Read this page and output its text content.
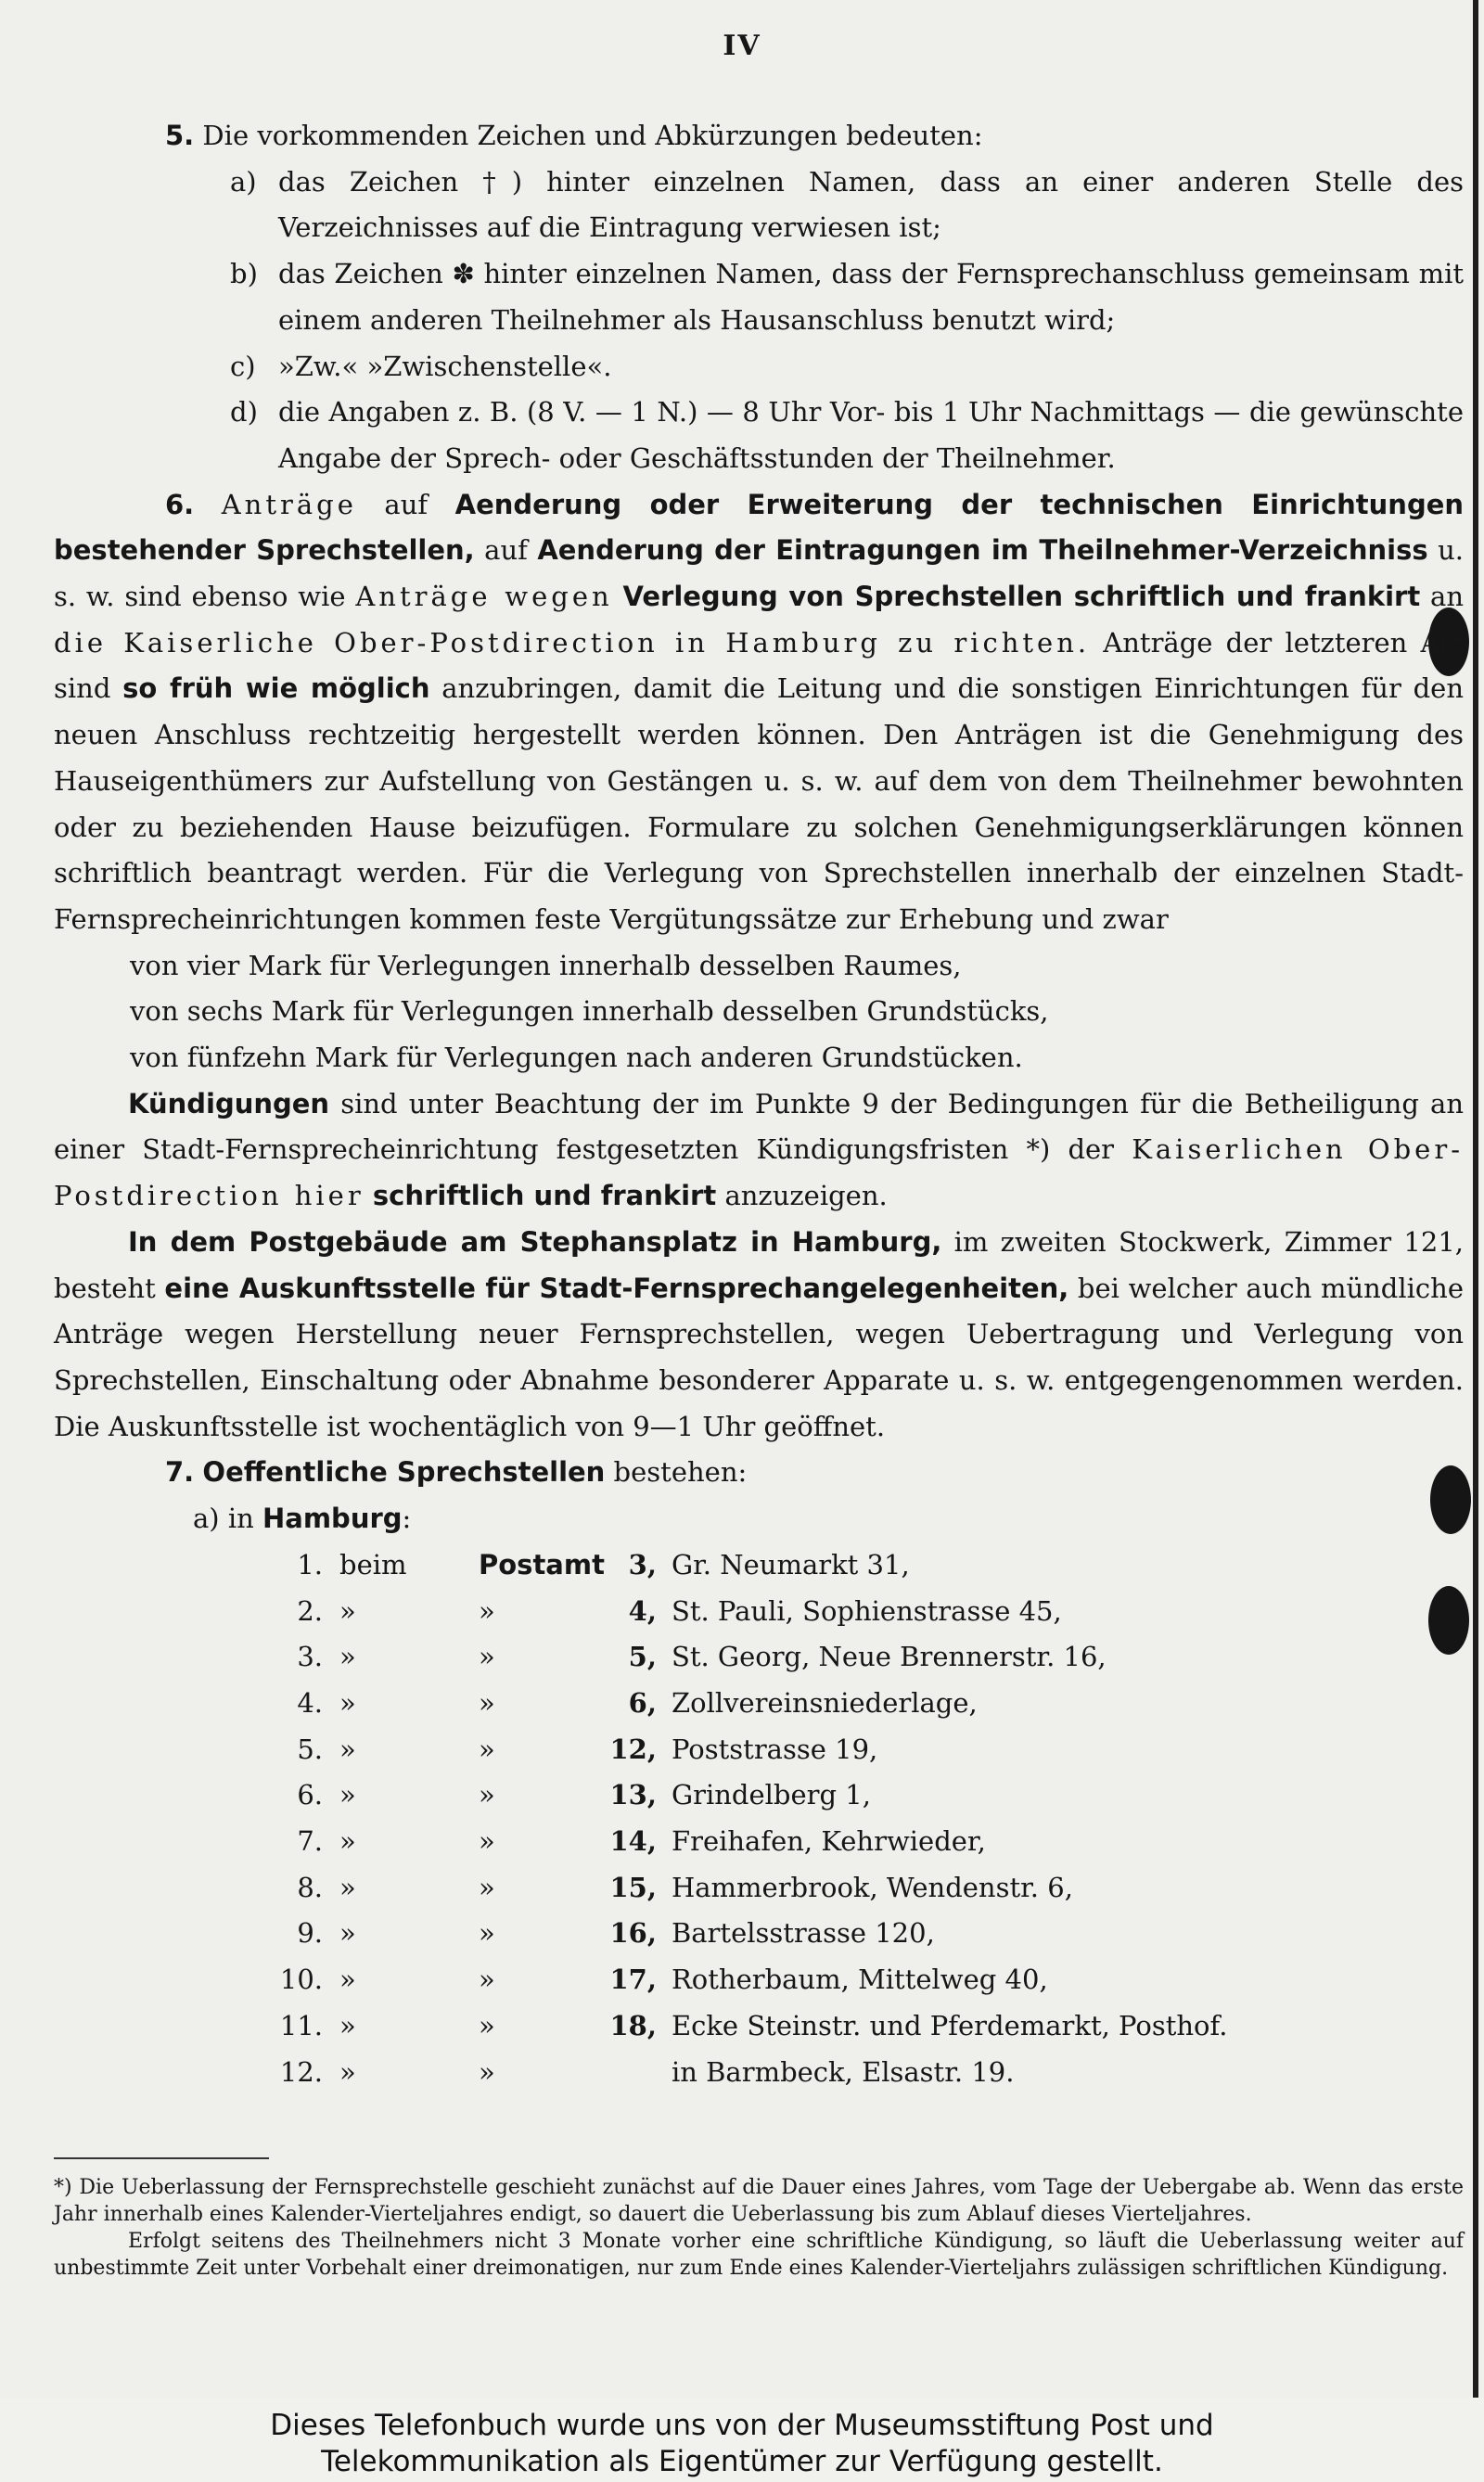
IV
5. Die vorkommenden Zeichen und Abkürzungen bedeuten:
a) das Zeichen †) hinter einzelnen Namen, dass an einer anderen Stelle des Verzeichnisses auf die Eintragung verwiesen ist;
b) das Zeichen ✽ hinter einzelnen Namen, dass der Fernsprechanschluss gemeinsam mit einem anderen Theilnehmer als Hausanschluss benutzt wird;
c) »Zw.« »Zwischenstelle«.
d) die Angaben z. B. (8 V. — 1 N.) — 8 Uhr Vor- bis 1 Uhr Nachmittags — die gewünschte Angabe der Sprech- oder Geschäftsstunden der Theilnehmer.

6. Anträge auf Aenderung oder Erweiterung der technischen Einrichtungen bestehender Sprechstellen, auf Aenderung der Eintragungen im Theilnehmer-Verzeichniss u. s. w. sind ebenso wie Anträge wegen Verlegung von Sprechstellen schriftlich und frankirt an die Kaiserliche Ober-Postdirection in Hamburg zu richten. Anträge der letzteren Art sind so früh wie möglich anzubringen, damit die Leitung und die sonstigen Einrichtungen für den neuen Anschluss rechtzeitig hergestellt werden können. Den Anträgen ist die Genehmigung des Hauseigenthümers zur Aufstellung von Gestängen u. s. w. auf dem von dem Theilnehmer bewohnten oder zu beziehenden Hause beizufügen. Formulare zu solchen Genehmigungserklärungen können schriftlich beantragt werden. Für die Verlegung von Sprechstellen innerhalb der einzelnen Stadt-Fernsprecheinrichtungen kommen feste Vergütungssätze zur Erhebung und zwar

von vier Mark für Verlegungen innerhalb desselben Raumes,
von sechs Mark für Verlegungen innerhalb desselben Grundstücks,
von fünfzehn Mark für Verlegungen nach anderen Grundstücken.

Kündigungen sind unter Beachtung der im Punkte 9 der Bedingungen für die Betheiligung an einer Stadt-Fernsprecheinrichtung festgesetzten Kündigungsfristen *) der Kaiserlichen Ober-Postdirection hier schriftlich und frankirt anzuzeigen.

In dem Postgebäude am Stephansplatz in Hamburg, im zweiten Stockwerk, Zimmer 121, besteht eine Auskunftsstelle für Stadt-Fernsprechangelegenheiten, bei welcher auch mündliche Anträge wegen Herstellung neuer Fernsprechstellen, wegen Uebertragung und Verlegung von Sprechstellen, Einschaltung oder Abnahme besonderer Apparate u. s. w. entgegengenommen werden. Die Auskunftsstelle ist wochentäglich von 9—1 Uhr geöffnet.

7. Oeffentliche Sprechstellen bestehen:
a) in Hamburg:
1.	beim	Postamt	3,	Gr. Neumarkt 31,
2.	»	»	4,	St. Pauli, Sophienstrasse 45,
3.	»	»	5,	St. Georg, Neue Brennerstr. 16,
4.	»	»	6,	Zollvereinsniederlage,
5.	»	»	12,	Poststrasse 19,
6.	»	»	13,	Grindelberg 1,
7.	»	»	14,	Freihafen, Kehrwieder,
8.	»	»	15,	Hammerbrook, Wendenstr. 6,
9.	»	»	16,	Bartelsstrasse 120,
10.	»	»	17,	Rotherbaum, Mittelweg 40,
11.	»	»	18,	Ecke Steinstr. und Pferdemarkt, Posthof.
12.	»	»		in Barmbeck, Elsastr. 19.

*) Die Ueberlassung der Fernsprechstelle geschieht zunächst auf die Dauer eines Jahres, vom Tage der Uebergabe ab. Wenn das erste Jahr innerhalb eines Kalender-Vierteljahres endigt, so dauert die Ueberlassung bis zum Ablauf dieses Vierteljahres.

Erfolgt seitens des Theilnehmers nicht 3 Monate vorher eine schriftliche Kündigung, so läuft die Ueberlassung weiter auf unbestimmte Zeit unter Vorbehalt einer dreimonatigen, nur zum Ende eines Kalender-Vierteljahrs zulässigen schriftlichen Kündigung.

Dieses Telefonbuch wurde uns von der Museumsstiftung Post und
Telekommunikation als Eigentümer zur Verfügung gestellt.
